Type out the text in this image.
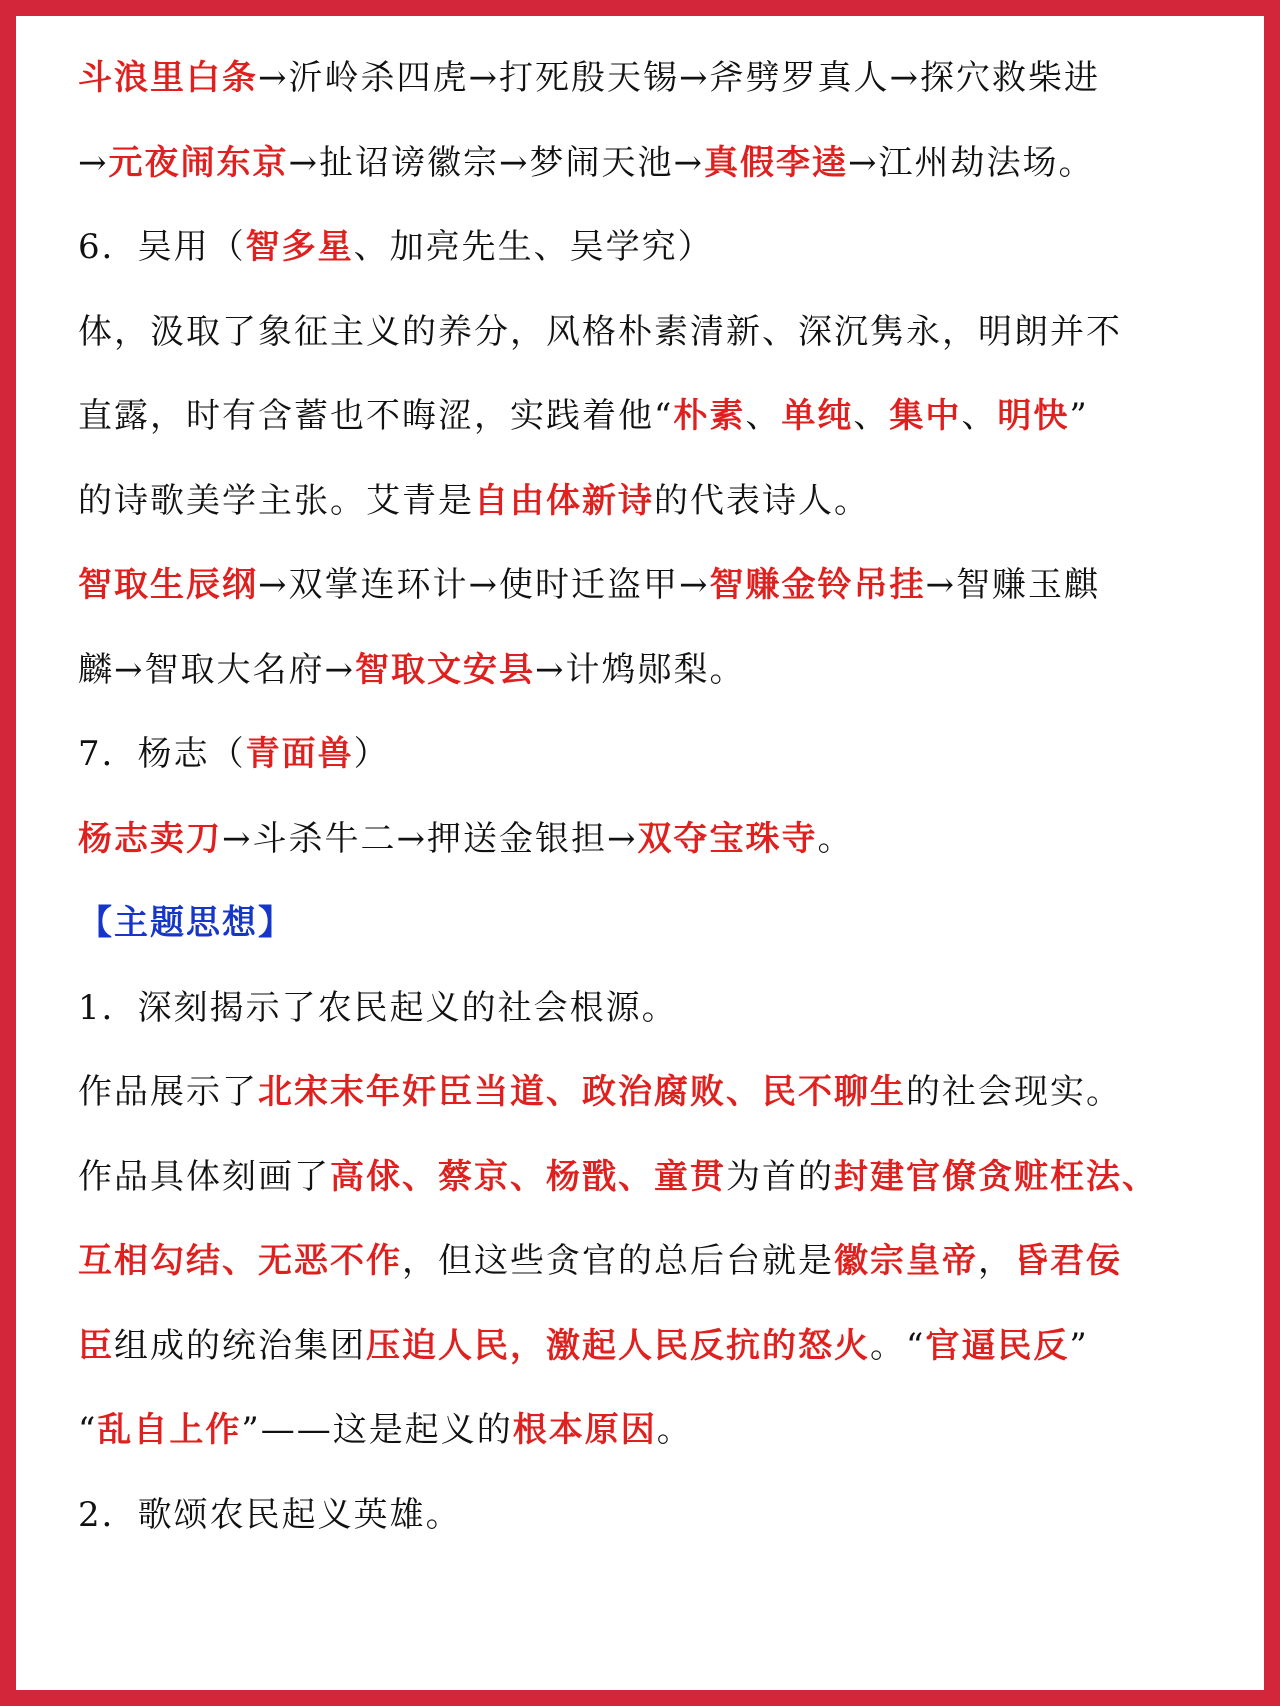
斗浪里白条→沂岭杀四虎→打死殷天锡→斧劈罗真人→探穴救柴进
→元夜闹东京→扯诏谤徽宗→梦闹天池→真假李逵→江州劫法场。
6．吴用（智多星、加亮先生、吴学究）
体，汲取了象征主义的养分，风格朴素清新、深沉隽永，明朗并不
直露，时有含蓄也不晦涩，实践着他“朴素、单纯、集中、明快”
的诗歌美学主张。艾青是自由体新诗的代表诗人。
智取生辰纲→双掌连环计→使时迁盗甲→智赚金铃吊挂→智赚玉麒
麟→智取大名府→智取文安县→计鸩郧梨。
7．杨志（青面兽）
杨志卖刀→斗杀牛二→押送金银担→双夺宝珠寺。
【主题思想】
1．深刻揭示了农民起义的社会根源。
作品展示了北宋末年奸臣当道、政治腐败、民不聊生的社会现实。
作品具体刻画了高俅、蔡京、杨戬、童贯为首的封建官僚贪赃枉法、
互相勾结、无恶不作，但这些贪官的总后台就是徽宗皇帝，昏君佞
臣组成的统治集团压迫人民，激起人民反抗的怒火。“官逼民反”
“乱自上作”——这是起义的根本原因。
2．歌颂农民起义英雄。
